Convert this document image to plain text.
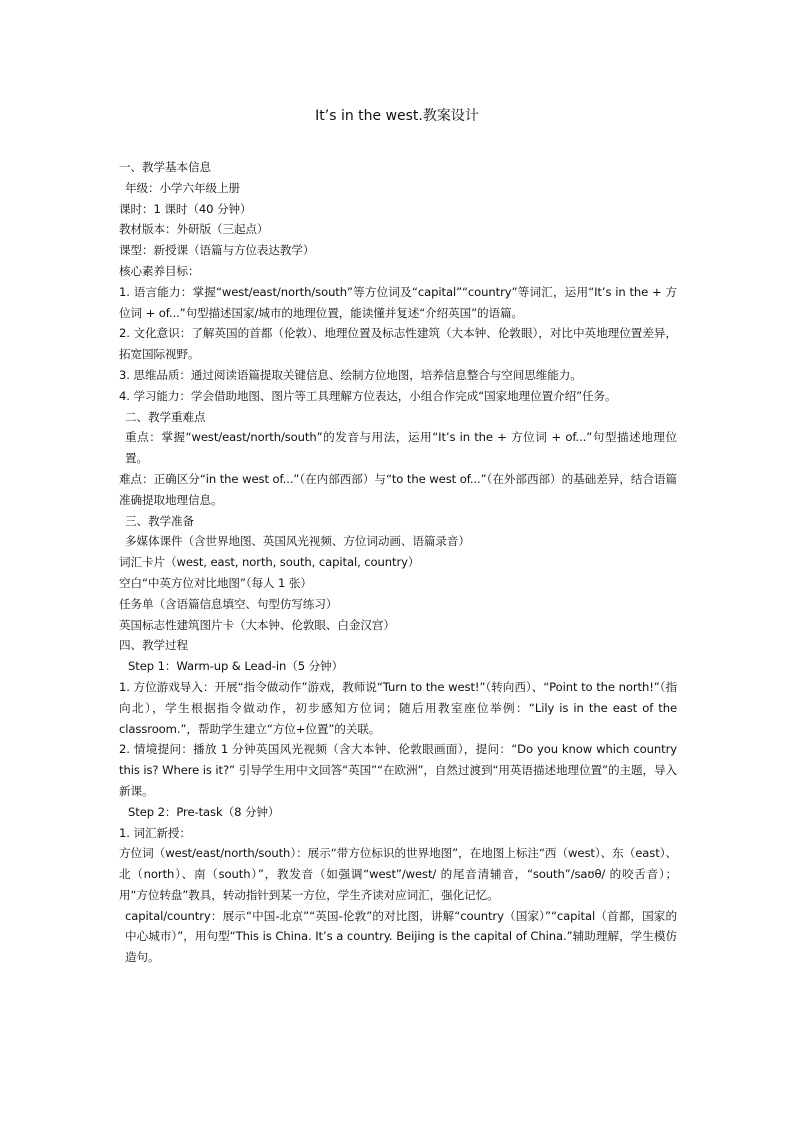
It’s in the west.教案设计

一、教学基本信息

年级：小学六年级上册

课时：1 课时（40 分钟）

教材版本：外研版（三起点）

课型：新授课（语篇与方位表达教学）

核心素养目标：

1. 语言能力：掌握“west/east/north/south”等方位词及“capital”“country”等词汇，运用“It’s in the + 方位词 + of...”句型描述国家/城市的地理位置，能读懂并复述“介绍英国”的语篇。

2. 文化意识：了解英国的首都（伦敦）、地理位置及标志性建筑（大本钟、伦敦眼），对比中英地理位置差异，拓宽国际视野。

3. 思维品质：通过阅读语篇提取关键信息、绘制方位地图，培养信息整合与空间思维能力。

4. 学习能力：学会借助地图、图片等工具理解方位表达，小组合作完成“国家地理位置介绍”任务。

二、教学重难点

重点：掌握“west/east/north/south”的发音与用法，运用“It’s in the + 方位词 + of...”句型描述地理位置。

难点：正确区分“in the west of...”（在内部西部）与“to the west of...”（在外部西部）的基础差异，结合语篇准确提取地理信息。

三、教学准备

多媒体课件（含世界地图、英国风光视频、方位词动画、语篇录音）

词汇卡片（west, east, north, south, capital, country）

空白“中英方位对比地图”（每人 1 张）

任务单（含语篇信息填空、句型仿写练习）

英国标志性建筑图片卡（大本钟、伦敦眼、白金汉宫）

四、教学过程

Step 1：Warm-up & Lead-in（5 分钟）

1. 方位游戏导入：开展“指令做动作”游戏，教师说“Turn to the west!”（转向西）、“Point to the north!”（指向北），学生根据指令做动作，初步感知方位词；随后用教室座位举例：“Lily is in the east of the classroom.”，帮助学生建立“方位+位置”的关联。

2. 情境提问：播放 1 分钟英国风光视频（含大本钟、伦敦眼画面），提问：“Do you know which country this is? Where is it?” 引导学生用中文回答“英国”“在欧洲”，自然过渡到“用英语描述地理位置”的主题，导入新课。

Step 2：Pre-task（8 分钟）

1. 词汇新授：

方位词（west/east/north/south）：展示“带方位标识的世界地图”，在地图上标注“西（west）、东（east）、北（north）、南（south）”，教发音（如强调“west”/west/ 的尾音清辅音，“south”/saʊθ/ 的咬舌音）；用“方位转盘”教具，转动指针到某一方位，学生齐读对应词汇，强化记忆。

capital/country：展示“中国-北京”“英国-伦敦”的对比图，讲解“country（国家）”“capital（首都，国家的中心城市）”，用句型“This is China. It’s a country. Beijing is the capital of China.”辅助理解，学生模仿造句。
